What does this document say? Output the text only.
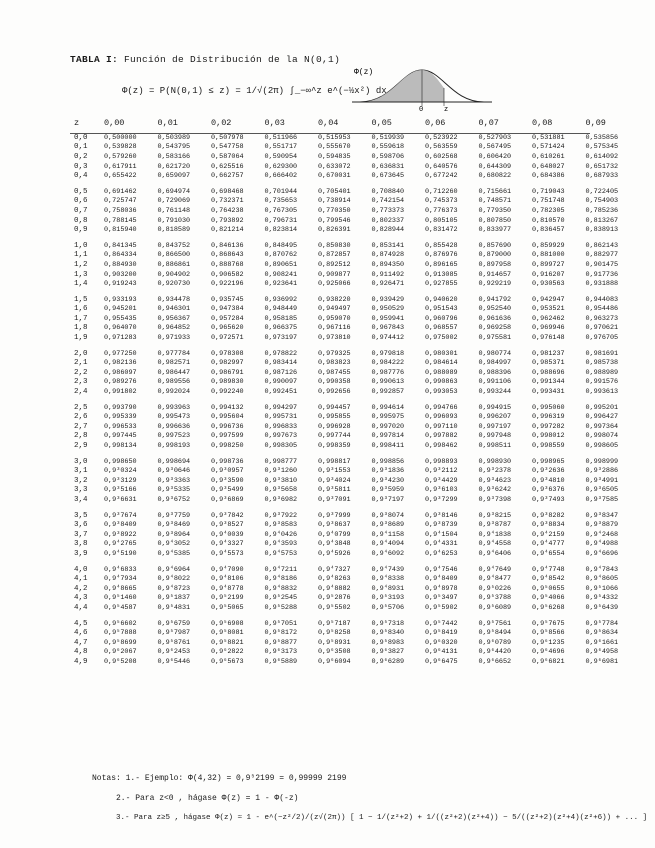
TABLA I: Función de Distribución de la N(0,1)
Φ(z) = P(N(0,1) ≤ z) = 1/√(2π) ∫_−∞^z e^(−½x²) dx
Φ(z)
0	z
z	0,00	0,01	0,02	0,03	0,04	0,05	0,06	0,07	0,08	0,09
0,0	0,500000	0,503989	0,507978	0,511966	0,515953	0,519939	0,523922	0,527903	0,531881	0,535856
0,1	0,539828	0,543795	0,547758	0,551717	0,555670	0,559618	0,563559	0,567495	0,571424	0,575345
0,2	0,579260	0,583166	0,587064	0,590954	0,594835	0,598706	0,602568	0,606420	0,610261	0,614092
0,3	0,617911	0,621720	0,625516	0,629300	0,633072	0,636831	0,640576	0,644309	0,648027	0,651732
0,4	0,655422	0,659097	0,662757	0,666402	0,670031	0,673645	0,677242	0,680822	0,684386	0,687933

0,5	0,691462	0,694974	0,698468	0,701944	0,705401	0,708840	0,712260	0,715661	0,719043	0,722405
0,6	0,725747	0,729069	0,732371	0,735653	0,738914	0,742154	0,745373	0,748571	0,751748	0,754903
0,7	0,758036	0,761148	0,764238	0,767305	0,770350	0,773373	0,776373	0,779350	0,782305	0,785236
0,8	0,788145	0,791030	0,793892	0,796731	0,799546	0,802337	0,805105	0,807850	0,810570	0,813267
0,9	0,815940	0,818589	0,821214	0,823814	0,826391	0,828944	0,831472	0,833977	0,836457	0,838913

1,0	0,841345	0,843752	0,846136	0,848495	0,850830	0,853141	0,855428	0,857690	0,859929	0,862143
1,1	0,864334	0,866500	0,868643	0,870762	0,872857	0,874928	0,876976	0,879000	0,881000	0,882977
1,2	0,884930	0,886861	0,888768	0,890651	0,892512	0,894350	0,896165	0,897958	0,899727	0,901475
1,3	0,903200	0,904902	0,906582	0,908241	0,909877	0,911492	0,913085	0,914657	0,916207	0,917736
1,4	0,919243	0,920730	0,922196	0,923641	0,925066	0,926471	0,927855	0,929219	0,930563	0,931888

1,5	0,933193	0,934478	0,935745	0,936992	0,938220	0,939429	0,940620	0,941792	0,942947	0,944083
1,6	0,945201	0,946301	0,947384	0,948449	0,949497	0,950529	0,951543	0,952540	0,953521	0,954486
1,7	0,955435	0,956367	0,957284	0,958185	0,959070	0,959941	0,960796	0,961636	0,962462	0,963273
1,8	0,964070	0,964852	0,965620	0,966375	0,967116	0,967843	0,968557	0,969258	0,969946	0,970621
1,9	0,971283	0,971933	0,972571	0,973197	0,973810	0,974412	0,975002	0,975581	0,976148	0,976705

2,0	0,977250	0,977784	0,978308	0,978822	0,979325	0,979818	0,980301	0,980774	0,981237	0,981691
2,1	0,982136	0,982571	0,982997	0,983414	0,983823	0,984222	0,984614	0,984997	0,985371	0,985738
2,2	0,986097	0,986447	0,986791	0,987126	0,987455	0,987776	0,988089	0,988396	0,988696	0,988989
2,3	0,989276	0,989556	0,989830	0,990097	0,990358	0,990613	0,990863	0,991106	0,991344	0,991576
2,4	0,991802	0,992024	0,992240	0,992451	0,992656	0,992857	0,993053	0,993244	0,993431	0,993613

2,5	0,993790	0,993963	0,994132	0,994297	0,994457	0,994614	0,994766	0,994915	0,995060	0,995201
2,6	0,995339	0,995473	0,995604	0,995731	0,995855	0,995975	0,996093	0,996207	0,996319	0,996427
2,7	0,996533	0,996636	0,996736	0,996833	0,996928	0,997020	0,997110	0,997197	0,997282	0,997364
2,8	0,997445	0,997523	0,997599	0,997673	0,997744	0,997814	0,997882	0,997948	0,998012	0,998074
2,9	0,998134	0,998193	0,998250	0,998305	0,998359	0,998411	0,998462	0,998511	0,998559	0,998605

3,0	0,998650	0,998694	0,998736	0,998777	0,998817	0,998856	0,998893	0,998930	0,998965	0,998999
3,1	0,9³0324	0,9³0646	0,9³0957	0,9³1260	0,9³1553	0,9³1836	0,9³2112	0,9³2378	0,9³2636	0,9³2886
3,2	0,9³3129	0,9³3363	0,9³3590	0,9³3810	0,9³4024	0,9³4230	0,9³4429	0,9³4623	0,9³4810	0,9³4991
3,3	0,9³5166	0,9³5335	0,9³5499	0,9³5658	0,9³5811	0,9³5959	0,9³6103	0,9³6242	0,9³6376	0,9³6505
3,4	0,9³6631	0,9³6752	0,9³6869	0,9³6982	0,9³7091	0,9³7197	0,9³7299	0,9³7398	0,9³7493	0,9³7585

3,5	0,9³7674	0,9³7759	0,9³7842	0,9³7922	0,9³7999	0,9³8074	0,9³8146	0,9³8215	0,9³8282	0,9³8347
3,6	0,9³8409	0,9³8469	0,9³8527	0,9³8583	0,9³8637	0,9³8689	0,9³8739	0,9³8787	0,9³8834	0,9³8879
3,7	0,9³8922	0,9³8964	0,9⁴0039	0,9⁴0426	0,9⁴0799	0,9⁴1158	0,9⁴1504	0,9⁴1838	0,9⁴2159	0,9⁴2468
3,8	0,9⁴2765	0,9⁴3052	0,9⁴3327	0,9⁴3593	0,9⁴3848	0,9⁴4094	0,9⁴4331	0,9⁴4558	0,9⁴4777	0,9⁴4988
3,9	0,9⁴5190	0,9⁴5385	0,9⁴5573	0,9⁴5753	0,9⁴5926	0,9⁴6092	0,9⁴6253	0,9⁴6406	0,9⁴6554	0,9⁴6696

4,0	0,9⁴6833	0,9⁴6964	0,9⁴7090	0,9⁴7211	0,9⁴7327	0,9⁴7439	0,9⁴7546	0,9⁴7649	0,9⁴7748	0,9⁴7843
4,1	0,9⁴7934	0,9⁴8022	0,9⁴8106	0,9⁴8186	0,9⁴8263	0,9⁴8338	0,9⁴8409	0,9⁴8477	0,9⁴8542	0,9⁴8605
4,2	0,9⁴8665	0,9⁴8723	0,9⁴8778	0,9⁴8832	0,9⁴8882	0,9⁴8931	0,9⁴8978	0,9⁵0226	0,9⁵0655	0,9⁵1066
4,3	0,9⁵1460	0,9⁵1837	0,9⁵2199	0,9⁵2545	0,9⁵2876	0,9⁵3193	0,9⁵3497	0,9⁵3788	0,9⁵4066	0,9⁵4332
4,4	0,9⁵4587	0,9⁵4831	0,9⁵5065	0,9⁵5288	0,9⁵5502	0,9⁵5706	0,9⁵5902	0,9⁵6089	0,9⁵6268	0,9⁵6439

4,5	0,9⁵6602	0,9⁵6759	0,9⁵6908	0,9⁵7051	0,9⁵7187	0,9⁵7318	0,9⁵7442	0,9⁵7561	0,9⁵7675	0,9⁵7784
4,6	0,9⁵7888	0,9⁵7987	0,9⁵8081	0,9⁵8172	0,9⁵8258	0,9⁵8340	0,9⁵8419	0,9⁵8494	0,9⁵8566	0,9⁵8634
4,7	0,9⁵8699	0,9⁵8761	0,9⁵8821	0,9⁵8877	0,9⁵8931	0,9⁵8983	0,9⁶0320	0,9⁶0789	0,9⁶1235	0,9⁶1661
4,8	0,9⁶2067	0,9⁶2453	0,9⁶2822	0,9⁶3173	0,9⁶3508	0,9⁶3827	0,9⁶4131	0,9⁶4420	0,9⁶4696	0,9⁶4958
4,9	0,9⁶5208	0,9⁶5446	0,9⁶5673	0,9⁶5889	0,9⁶6094	0,9⁶6289	0,9⁶6475	0,9⁶6652	0,9⁶6821	0,9⁶6981
Notas: 1.- Ejemplo: Φ(4,32) = 0,9⁵2199 = 0,99999 2199
2.- Para z<0 , hágase Φ(z) = 1 - Φ(-z)
3.- Para z≥5 , hágase Φ(z) ≈ 1 - e^(−z²/2)/(z√(2π)) [ 1 − 1/(z²+2) + 1/((z²+2)(z²+4)) − 5/((z²+2)(z²+4)(z²+6)) + ... ]
